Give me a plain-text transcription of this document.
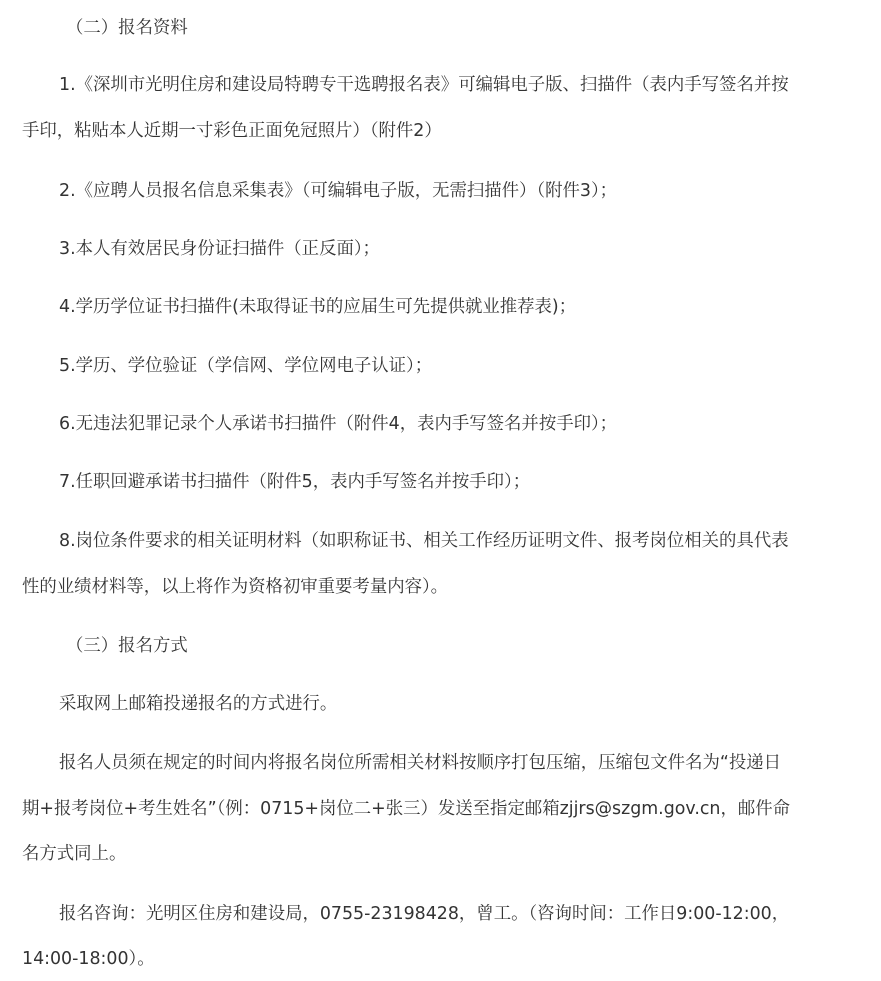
（二）报名资料
1.《深圳市光明住房和建设局特聘专干选聘报名表》可编辑电子版、扫描件（表内手写签名并按
手印，粘贴本人近期一寸彩色正面免冠照片）（附件2）
2.《应聘人员报名信息采集表》（可编辑电子版，无需扫描件）（附件3）；
3.本人有效居民身份证扫描件（正反面）；
4.学历学位证书扫描件(未取得证书的应届生可先提供就业推荐表)；
5.学历、学位验证（学信网、学位网电子认证）；
6.无违法犯罪记录个人承诺书扫描件（附件4，表内手写签名并按手印）；
7.任职回避承诺书扫描件（附件5，表内手写签名并按手印）；
8.岗位条件要求的相关证明材料（如职称证书、相关工作经历证明文件、报考岗位相关的具代表
性的业绩材料等，以上将作为资格初审重要考量内容）。
（三）报名方式
采取网上邮箱投递报名的方式进行。
报名人员须在规定的时间内将报名岗位所需相关材料按顺序打包压缩，压缩包文件名为“投递日
期+报考岗位+考生姓名”（例：0715+岗位二+张三）发送至指定邮箱zjjrs@szgm.gov.cn，邮件命
名方式同上。
报名咨询：光明区住房和建设局，0755-23198428，曾工。（咨询时间：工作日9:00-12:00，
14:00-18:00）。
